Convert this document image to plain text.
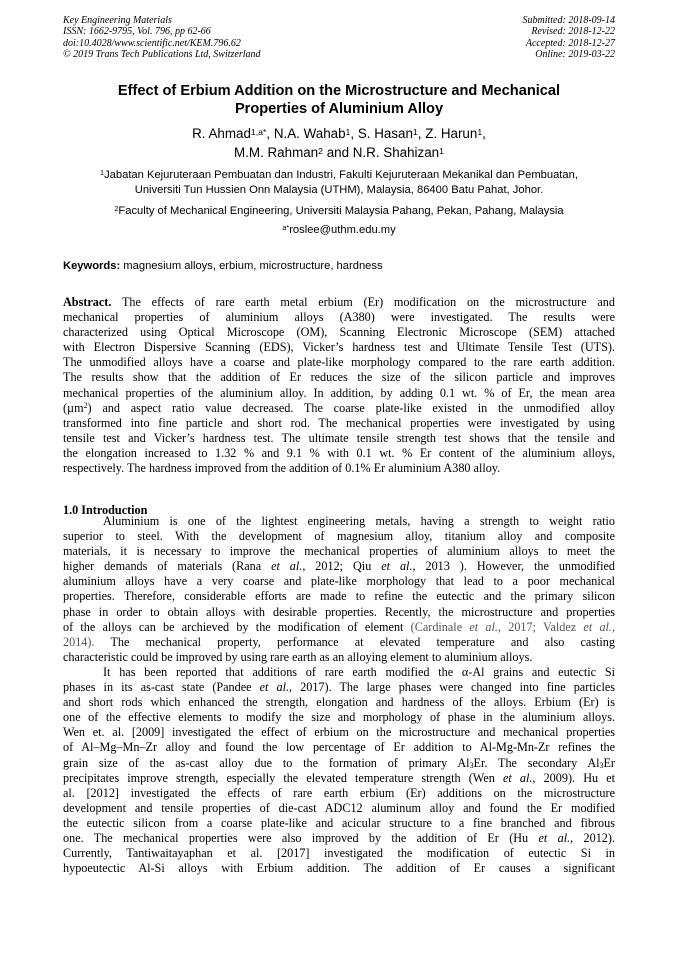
Key Engineering Materials
ISSN: 1662-9795, Vol. 796, pp 62-66
doi:10.4028/www.scientific.net/KEM.796.62
© 2019 Trans Tech Publications Ltd, Switzerland
Submitted: 2018-09-14
Revised: 2018-12-22
Accepted: 2018-12-27
Online: 2019-03-22
Effect of Erbium Addition on the Microstructure and Mechanical
Properties of Aluminium Alloy
R. Ahmad$^{1,a*}$, N.A. Wahab$^1$, S. Hasan$^1$, Z. Harun$^1$,
M.M. Rahman$^2$ and N.R. Shahizan$^1$
$^1$Jabatan Kejuruteraan Pembuatan dan Industri, Fakulti Kejuruteraan Mekanikal dan Pembuatan,
Universiti Tun Hussien Onn Malaysia (UTHM), Malaysia, 86400 Batu Pahat, Johor.
$^2$Faculty of Mechanical Engineering, Universiti Malaysia Pahang, Pekan, Pahang, Malaysia
$^{a*}$roslee@uthm.edu.my
Keywords: magnesium alloys, erbium, microstructure, hardness
Abstract. The effects of rare earth metal erbium (Er) modification on the microstructure and
mechanical properties of aluminium alloys (A380) were investigated. The results were
characterized using Optical Microscope (OM), Scanning Electronic Microscope (SEM) attached
with Electron Dispersive Scanning (EDS), Vicker’s hardness test and Ultimate Tensile Test (UTS).
The unmodified alloys have a coarse and plate-like morphology compared to the rare earth addition.
The results show that the addition of Er reduces the size of the silicon particle and improves
mechanical properties of the aluminium alloy. In addition, by adding 0.1 wt. % of Er, the mean area
(µm$^2$) and aspect ratio value decreased. The coarse plate-like existed in the unmodified alloy
transformed into fine particle and short rod. The mechanical properties were investigated by using
tensile test and Vicker’s hardness test. The ultimate tensile strength test shows that the tensile and
the elongation increased to 1.32 % and 9.1 % with 0.1 wt. % Er content of the aluminium alloys,
respectively. The hardness improved from the addition of 0.1% Er aluminium A380 alloy.
1.0 Introduction
Aluminium is one of the lightest engineering metals, having a strength to weight ratio
superior to steel. With the development of magnesium alloy, titanium alloy and composite
materials, it is necessary to improve the mechanical properties of aluminium alloys to meet the
higher demands of materials (Rana et al., 2012; Qiu et al., 2013 ). However, the unmodified
aluminium alloys have a very coarse and plate-like morphology that lead to a poor mechanical
properties. Therefore, considerable efforts are made to refine the eutectic and the primary silicon
phase in order to obtain alloys with desirable properties. Recently, the microstructure and properties
of the alloys can be archieved by the modification of element (Cardinale et al., 2017; Valdez et al.,
2014). The mechanical property, performance at elevated temperature and also casting
characteristic could be improved by using rare earth as an alloying element to aluminium alloys.
It has been reported that additions of rare earth modified the α-Al grains and eutectic Si
phases in its as-cast state (Pandee et al., 2017). The large phases were changed into fine particles
and short rods which enhanced the strength, elongation and hardness of the alloys. Erbium (Er) is
one of the effective elements to modify the size and morphology of phase in the aluminium alloys.
Wen et. al. [2009] investigated the effect of erbium on the microstructure and mechanical properties
of Al–Mg–Mn–Zr alloy and found the low percentage of Er addition to Al-Mg-Mn-Zr refines the
grain size of the as-cast alloy due to the formation of primary $Al_3Er$. The secondary $Al_3Er$
precipitates improve strength, especially the elevated temperature strength (Wen et al., 2009). Hu et
al. [2012] investigated the effects of rare earth erbium (Er) additions on the microstructure
development and tensile properties of die-cast ADC12 aluminum alloy and found the Er modified
the eutectic silicon from a coarse plate-like and acicular structure to a fine branched and fibrous
one. The mechanical properties were also improved by the addition of Er (Hu et al., 2012).
Currently, Tantiwaitayaphan et al. [2017] investigated the modification of eutectic Si in
hypoeutectic Al-Si alloys with Erbium addition. The addition of Er causes a significant
